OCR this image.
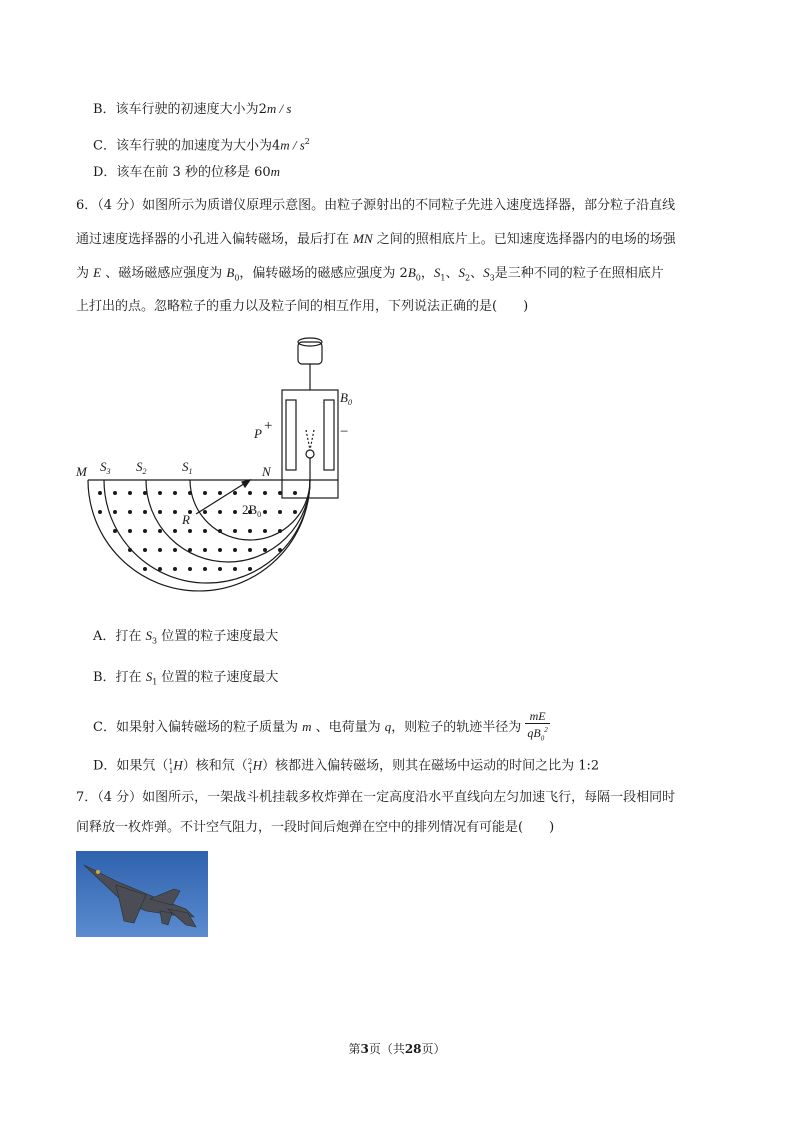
B．该车行驶的初速度大小为2m / s
C．该车行驶的加速度为大小为$4m / s^2$
D．该车在前 3 秒的位移是 60m
6．（4 分）如图所示为质谱仪原理示意图。由粒子源射出的不同粒子先进入速度选择器，部分粒子沿直线
通过速度选择器的小孔进入偏转磁场，最后打在 MN 之间的照相底片上。已知速度选择器内的电场的场强
为 E 、磁场磁感应强度为 $B_0$，偏转磁场的磁感应强度为 $2B_0$，$S_1$、$S_2$、$S_3$是三种不同的粒子在照相底片
上打出的点。忽略粒子的重力以及粒子间的相互作用，下列说法正确的是(　　)
$B_0$
P +	−
M	N
$S_3$ $S_2$	$S_1$
R
$2B_0$
A．打在 $S_3$ 位置的粒子速度最大
B．打在 $S_1$ 位置的粒子速度最大
C．如果射入偏转磁场的粒子质量为 m 、电荷量为 q，则粒子的轨迹半径为 $\frac{mE}{qB_0^2}$
D．如果氕（$^1_1$H）核和氘（$^2_1$H）核都进入偏转磁场，则其在磁场中运动的时间之比为 1:2
7．（4 分）如图所示，一架战斗机挂载多枚炸弹在一定高度沿水平直线向左匀加速飞行，每隔一段相同时
间释放一枚炸弹。不计空气阻力，一段时间后炮弹在空中的排列情况有可能是(　　)
第3页（共28页）
